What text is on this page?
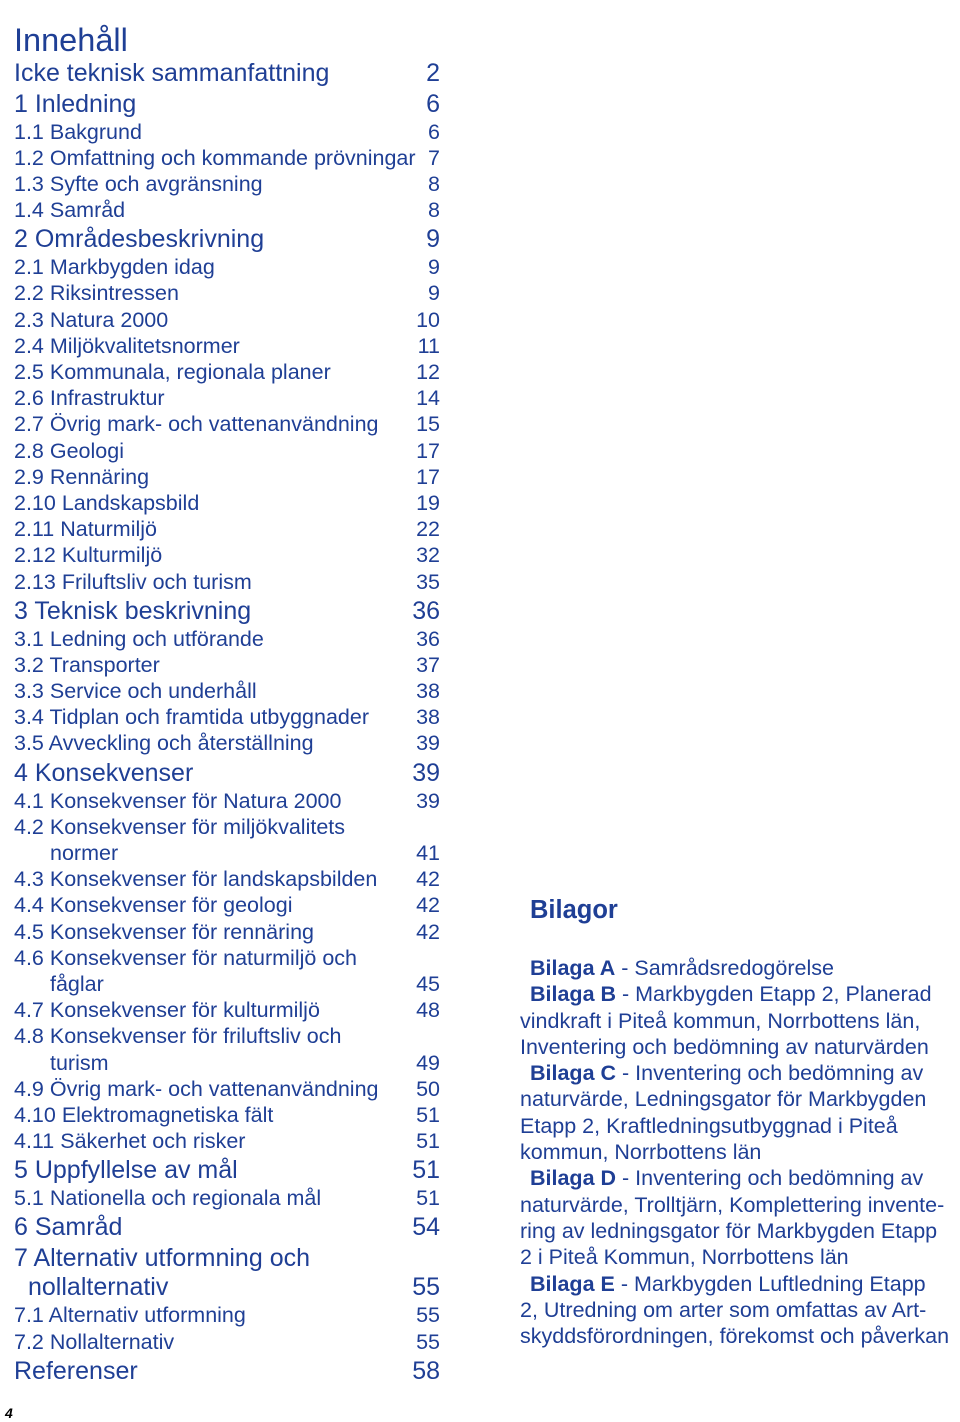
Innehåll
Icke teknisk sammanfattning	2
1 Inledning	6
1.1 Bakgrund	6
1.2 Omfattning och kommande prövningar 7
1.3 Syfte och avgränsning	8
1.4 Samråd	8
2 Områdesbeskrivning	9
2.1 Markbygden idag	9
2.2 Riksintressen	9
2.3 Natura 2000	10
2.4 Miljökvalitetsnormer	11
2.5 Kommunala, regionala planer	12
2.6 Infrastruktur	14
2.7 Övrig mark- och vattenanvändning 15
2.8 Geologi	17
2.9 Rennäring	17
2.10 Landskapsbild	19
2.11 Naturmiljö	22
2.12 Kulturmiljö	32
2.13 Friluftsliv och turism	35
3 Teknisk beskrivning	36
3.1 Ledning och utförande	36
3.2 Transporter	37
3.3 Service och underhåll	38
3.4 Tidplan och framtida utbyggnader 38
3.5 Avveckling och återställning	39
4 Konsekvenser	39
4.1 Konsekvenser för Natura 2000	39
4.2 Konsekvenser för miljökvalitets
normer	41
4.3 Konsekvenser för landskapsbilden 42
4.4 Konsekvenser för geologi	42
4.5 Konsekvenser för rennäring	42
4.6 Konsekvenser för naturmiljö och
fåglar	45
4.7 Konsekvenser för kulturmiljö	48
4.8 Konsekvenser för friluftsliv och
turism	49
4.9 Övrig mark- och vattenanvändning 50
4.10 Elektromagnetiska fält	51
4.11 Säkerhet och risker	51
5 Uppfyllelse av mål	51
5.1 Nationella och regionala mål	51
6 Samråd	54
7 Alternativ utformning och
nollalternativ	55
7.1 Alternativ utformning	55
7.2 Nollalternativ	55
Referenser	58
Bilagor
Bilaga A - Samrådsredogörelse
Bilaga B - Markbygden Etapp 2, Planerad
vindkraft i Piteå kommun, Norrbottens län,
Inventering och bedömning av naturvärden
Bilaga C - Inventering och bedömning av
naturvärde, Ledningsgator för Markbygden
Etapp 2, Kraftledningsutbyggnad i Piteå
kommun, Norrbottens län
Bilaga D - Inventering och bedömning av
naturvärde, Trolltjärn, Komplettering invente-
ring av ledningsgator för Markbygden Etapp
2 i Piteå Kommun, Norrbottens län
Bilaga E - Markbygden Luftledning Etapp
2, Utredning om arter som omfattas av Art-
skyddsförordningen, förekomst och påverkan
4
